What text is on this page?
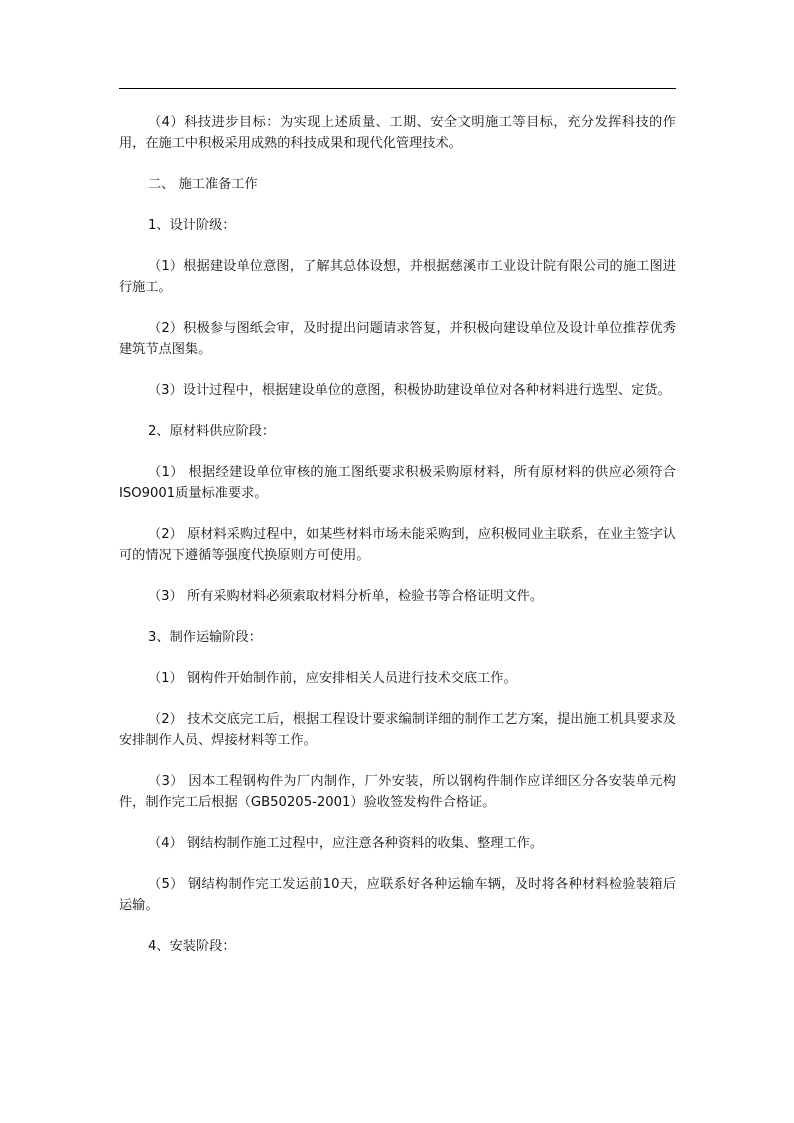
（4）科技进步目标：为实现上述质量、工期、安全文明施工等目标，充分发挥科技的作用，在施工中积极采用成熟的科技成果和现代化管理技术。

二、 施工准备工作

1、设计阶级：

（1）根据建设单位意图，了解其总体设想，并根据慈溪市工业设计院有限公司的施工图进行施工。

（2）积极参与图纸会审，及时提出问题请求答复，并积极向建设单位及设计单位推荐优秀建筑节点图集。

（3）设计过程中，根据建设单位的意图，积极协助建设单位对各种材料进行选型、定货。

2、原材料供应阶段：

（1） 根据经建设单位审核的施工图纸要求积极采购原材料，所有原材料的供应必须符合ISO9001质量标准要求。

（2） 原材料采购过程中，如某些材料市场未能采购到，应积极同业主联系，在业主签字认可的情况下遵循等强度代换原则方可使用。

（3） 所有采购材料必须索取材料分析单，检验书等合格证明文件。

3、制作运输阶段：

（1） 钢构件开始制作前，应安排相关人员进行技术交底工作。

（2） 技术交底完工后，根据工程设计要求编制详细的制作工艺方案，提出施工机具要求及安排制作人员、焊接材料等工作。

（3） 因本工程钢构件为厂内制作，厂外安装，所以钢构件制作应详细区分各安装单元构件，制作完工后根据（GB50205-2001）验收签发构件合格证。

（4） 钢结构制作施工过程中，应注意各种资料的收集、整理工作。

（5） 钢结构制作完工发运前10天，应联系好各种运输车辆，及时将各种材料检验装箱后运输。

4、安装阶段：
